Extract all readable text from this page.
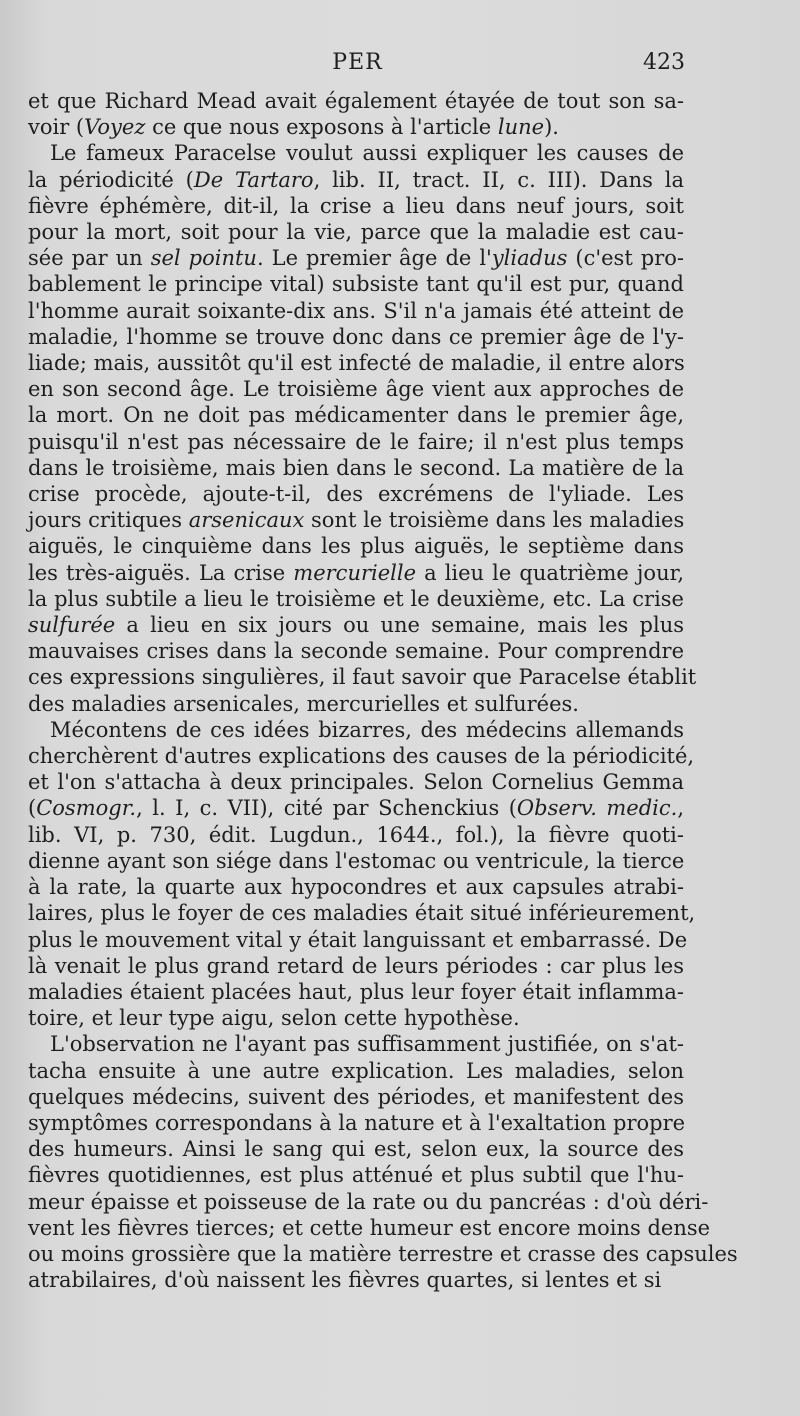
PER	423

et que Richard Mead avait également étayée de tout son sa-
voir (Voyez ce que nous exposons à l'article lune).

Le fameux Paracelse voulut aussi expliquer les causes de
la périodicité (De Tartaro, lib. II, tract. II, c. III). Dans la
fièvre éphémère, dit-il, la crise a lieu dans neuf jours, soit
pour la mort, soit pour la vie, parce que la maladie est cau-
sée par un sel pointu. Le premier âge de l'yliadus (c'est pro-
bablement le principe vital) subsiste tant qu'il est pur, quand
l'homme aurait soixante-dix ans. S'il n'a jamais été atteint de
maladie, l'homme se trouve donc dans ce premier âge de l'y-
liade; mais, aussitôt qu'il est infecté de maladie, il entre alors
en son second âge. Le troisième âge vient aux approches de
la mort. On ne doit pas médicamenter dans le premier âge,
puisqu'il n'est pas nécessaire de le faire; il n'est plus temps
dans le troisième, mais bien dans le second. La matière de la
crise procède, ajoute-t-il, des excrémens de l'yliade. Les
jours critiques arsenicaux sont le troisième dans les maladies
aiguës, le cinquième dans les plus aiguës, le septième dans
les très-aiguës. La crise mercurielle a lieu le quatrième jour,
la plus subtile a lieu le troisième et le deuxième, etc. La crise
sulfurée a lieu en six jours ou une semaine, mais les plus
mauvaises crises dans la seconde semaine. Pour comprendre
ces expressions singulières, il faut savoir que Paracelse établit
des maladies arsenicales, mercurielles et sulfurées.

Mécontens de ces idées bizarres, des médecins allemands
cherchèrent d'autres explications des causes de la périodicité,
et l'on s'attacha à deux principales. Selon Cornelius Gemma
(Cosmogr., l. I, c. VII), cité par Schenckius (Observ. medic.,
lib. VI, p. 730, édit. Lugdun., 1644., fol.), la fièvre quoti-
dienne ayant son siége dans l'estomac ou ventricule, la tierce
à la rate, la quarte aux hypocondres et aux capsules atrabi-
laires, plus le foyer de ces maladies était situé inférieurement,
plus le mouvement vital y était languissant et embarrassé. De
là venait le plus grand retard de leurs périodes : car plus les
maladies étaient placées haut, plus leur foyer était inflamma-
toire, et leur type aigu, selon cette hypothèse.

L'observation ne l'ayant pas suffisamment justifiée, on s'at-
tacha ensuite à une autre explication. Les maladies, selon
quelques médecins, suivent des périodes, et manifestent des
symptômes correspondans à la nature et à l'exaltation propre
des humeurs. Ainsi le sang qui est, selon eux, la source des
fièvres quotidiennes, est plus atténué et plus subtil que l'hu-
meur épaisse et poisseuse de la rate ou du pancréas : d'où déri-
vent les fièvres tierces; et cette humeur est encore moins dense
ou moins grossière que la matière terrestre et crasse des capsules
atrabilaires, d'où naissent les fièvres quartes, si lentes et si
